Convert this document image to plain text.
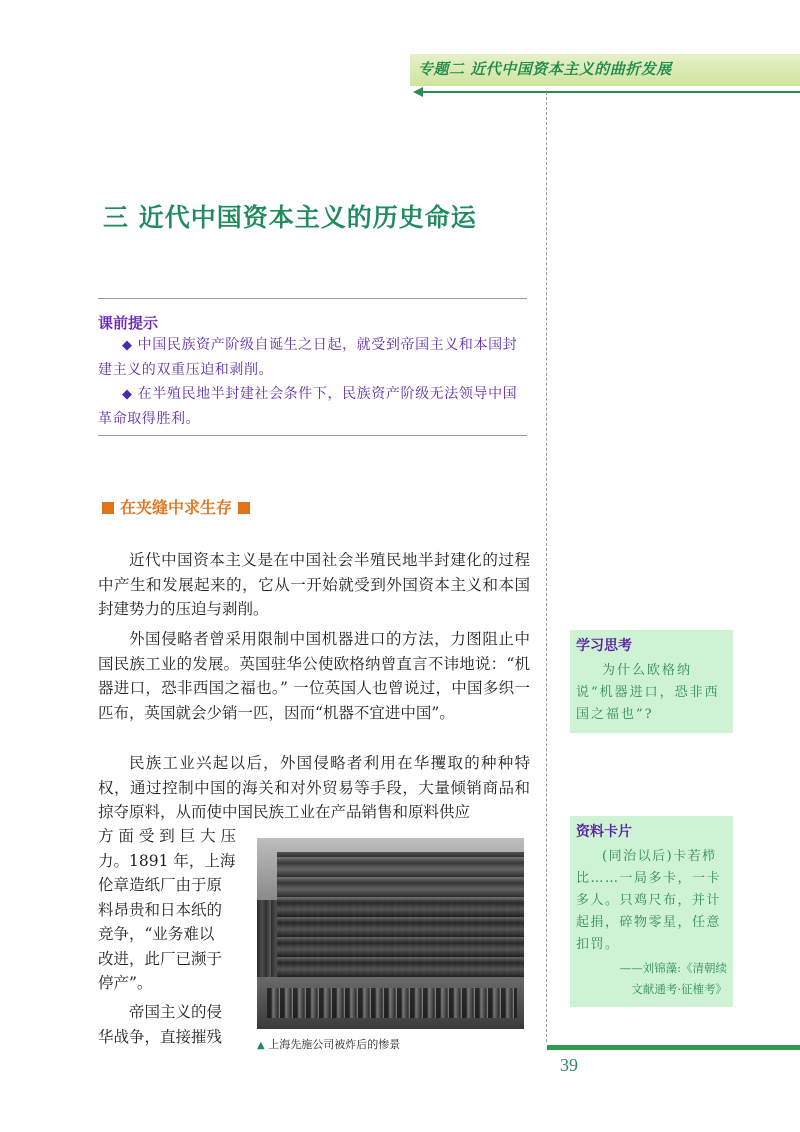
专题二 近代中国资本主义的曲折发展
三 近代中国资本主义的历史命运
课前提示
◆ 中国民族资产阶级自诞生之日起，就受到帝国主义和本国封建主义的双重压迫和剥削。
◆ 在半殖民地半封建社会条件下，民族资产阶级无法领导中国革命取得胜利。
在夹缝中求生存

近代中国资本主义是在中国社会半殖民地半封建化的过程中产生和发展起来的，它从一开始就受到外国资本主义和本国封建势力的压迫与剥削。

外国侵略者曾采用限制中国机器进口的方法，力图阻止中国民族工业的发展。英国驻华公使欧格纳曾直言不讳地说：“机器进口，恐非西国之福也。” 一位英国人也曾说过，中国多织一匹布，英国就会少销一匹，因而“机器不宜进中国”。

民族工业兴起以后，外国侵略者利用在华攫取的种种特权，通过控制中国的海关和对外贸易等手段，大量倾销商品和掠夺原料，从而使中国民族工业在产品销售和原料供应

方 面 受 到 巨 大 压
力。1891 年，上海
伦章造纸厂由于原
料昂贵和日本纸的
竞争，“业务难以
改进，此厂已濒于
停产”。
帝国主义的侵
华战争，直接摧残	▲ 上海先施公司被炸后的惨景
学习思考
为什么欧格纳说“机器进口，恐非西国之福也”?
资料卡片
(同治以后)卡若栉比……一局多卡，一卡多人。只鸡尺布，并计起捐，碎物零星，任意扣罚。
——刘锦藻:《清朝续
文献通考·征榷考》
39
